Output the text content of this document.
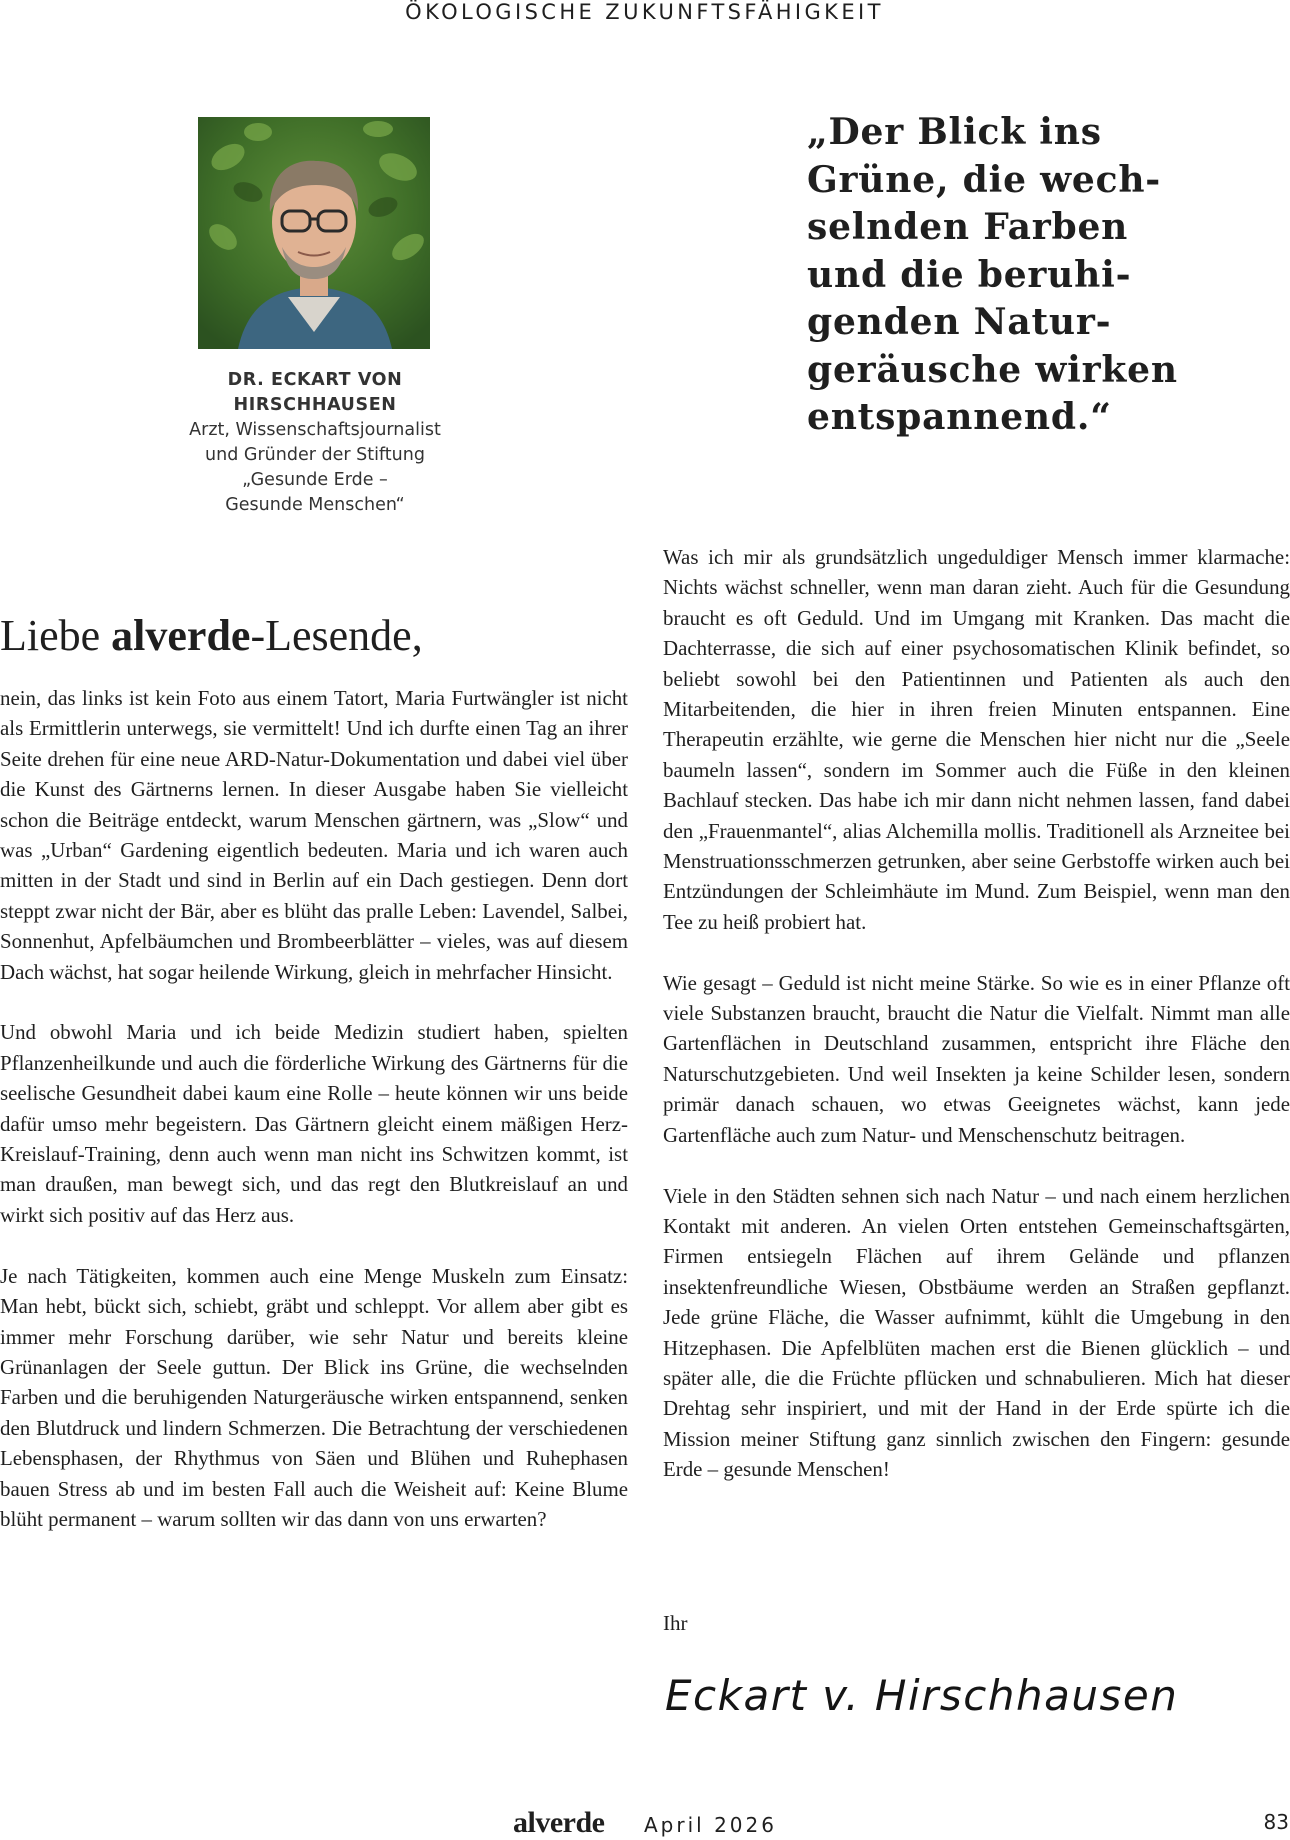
ÖKOLOGISCHE ZUKUNFTSFÄHIGKEIT
DR. ECKART VON
HIRSCHHAUSEN
Arzt, Wissenschaftsjournalist
und Gründer der Stiftung
„Gesunde Erde –
Gesunde Menschen“
„Der Blick ins
Grüne, die wech-
selnden Farben
und die beruhi-
genden Natur-
geräusche wirken
entspannend.“
Liebe alverde-Lesende,

nein, das links ist kein Foto aus einem Tatort, Maria Furtwängler ist nicht als Ermittlerin unterwegs, sie vermittelt! Und ich durfte einen Tag an ihrer Seite drehen für eine neue ARD-Natur-Dokumentation und dabei viel über die Kunst des Gärtnerns lernen. In dieser Ausgabe haben Sie vielleicht schon die Beiträge entdeckt, warum Menschen gärtnern, was „Slow“ und was „Urban“ Gardening eigentlich bedeuten. Maria und ich waren auch mitten in der Stadt und sind in Berlin auf ein Dach gestiegen. Denn dort steppt zwar nicht der Bär, aber es blüht das pralle Leben: Lavendel, Salbei, Sonnenhut, Apfelbäumchen und Brombeerblätter – vieles, was auf diesem Dach wächst, hat sogar heilende Wirkung, gleich in mehrfacher Hinsicht.

Und obwohl Maria und ich beide Medizin studiert haben, spielten Pflanzenheilkunde und auch die förderliche Wirkung des Gärtnerns für die seelische Gesundheit dabei kaum eine Rolle – heute können wir uns beide dafür umso mehr begeistern. Das Gärtnern gleicht einem mäßigen Herz-Kreislauf-Training, denn auch wenn man nicht ins Schwitzen kommt, ist man draußen, man bewegt sich, und das regt den Blutkreislauf an und wirkt sich positiv auf das Herz aus.

Je nach Tätigkeiten, kommen auch eine Menge Muskeln zum Einsatz: Man hebt, bückt sich, schiebt, gräbt und schleppt. Vor allem aber gibt es immer mehr Forschung darüber, wie sehr Natur und bereits kleine Grünanlagen der Seele guttun. Der Blick ins Grüne, die wechselnden Farben und die beruhigenden Naturgeräusche wirken entspannend, senken den Blutdruck und lindern Schmerzen. Die Betrachtung der verschiedenen Lebensphasen, der Rhythmus von Säen und Blühen und Ruhephasen bauen Stress ab und im besten Fall auch die Weisheit auf: Keine Blume blüht permanent – warum sollten wir das dann von uns erwarten?

Was ich mir als grundsätzlich ungeduldiger Mensch immer klarmache: Nichts wächst schneller, wenn man daran zieht. Auch für die Gesundung braucht es oft Geduld. Und im Umgang mit Kranken. Das macht die Dachterrasse, die sich auf einer psychosomatischen Klinik befindet, so beliebt sowohl bei den Patientinnen und Patienten als auch den Mitarbeitenden, die hier in ihren freien Minuten entspannen. Eine Therapeutin erzählte, wie gerne die Menschen hier nicht nur die „Seele baumeln lassen“, sondern im Sommer auch die Füße in den kleinen Bachlauf stecken. Das habe ich mir dann nicht nehmen lassen, fand dabei den „Frauenmantel“, alias Alchemilla mollis. Traditionell als Arzneitee bei Menstruationsschmerzen getrunken, aber seine Gerbstoffe wirken auch bei Entzündungen der Schleimhäute im Mund. Zum Beispiel, wenn man den Tee zu heiß probiert hat.

Wie gesagt – Geduld ist nicht meine Stärke. So wie es in einer Pflanze oft viele Substanzen braucht, braucht die Natur die Vielfalt. Nimmt man alle Gartenflächen in Deutschland zusammen, entspricht ihre Fläche den Naturschutzgebieten. Und weil Insekten ja keine Schilder lesen, sondern primär danach schauen, wo etwas Geeignetes wächst, kann jede Gartenfläche auch zum Natur- und Menschenschutz beitragen.

Viele in den Städten sehnen sich nach Natur – und nach einem herzlichen Kontakt mit anderen. An vielen Orten entstehen Gemeinschaftsgärten, Firmen entsiegeln Flächen auf ihrem Gelände und pflanzen insektenfreundliche Wiesen, Obstbäume werden an Straßen gepflanzt. Jede grüne Fläche, die Wasser aufnimmt, kühlt die Umgebung in den Hitzephasen. Die Apfelblüten machen erst die Bienen glücklich – und später alle, die die Früchte pflücken und schnabulieren. Mich hat dieser Drehtag sehr inspiriert, und mit der Hand in der Erde spürte ich die Mission meiner Stiftung ganz sinnlich zwischen den Fingern: gesunde Erde – gesunde Menschen!

Ihr
Eckart v. Hirschhausen
alverde April 2026	83
